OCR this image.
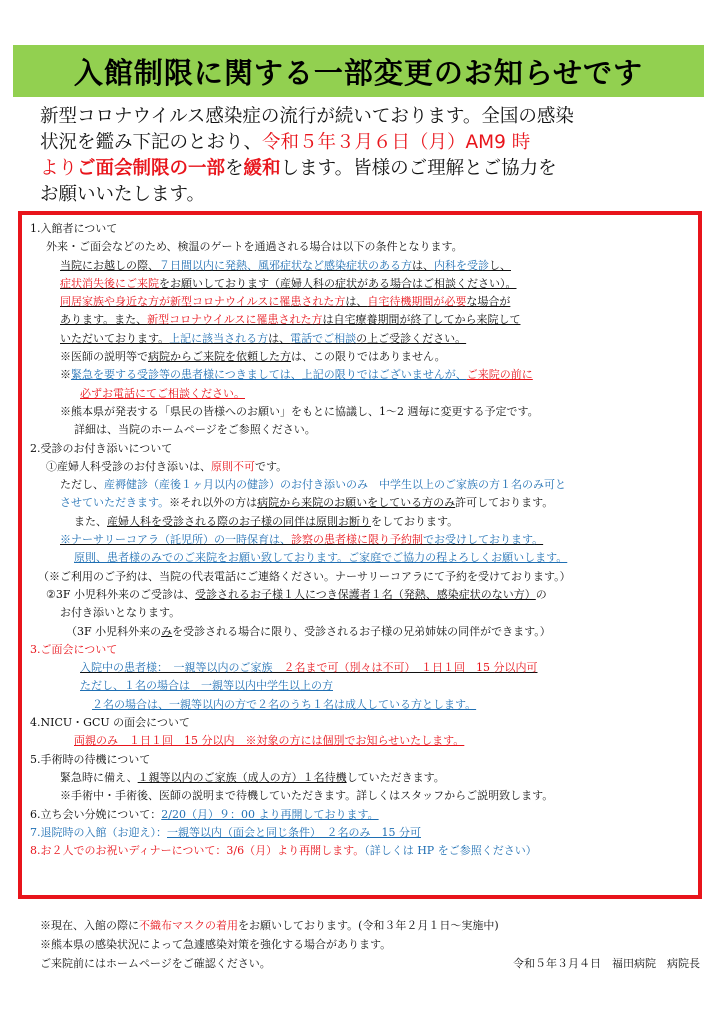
入館制限に関する一部変更のお知らせです
新型コロナウイルス感染症の流行が続いております。全国の感染
状況を鑑み下記のとおり、令和５年３月６日（月）AM9 時
よりご面会制限の一部を緩和します。皆様のご理解とご協力を
お願いいたします。
1.入館者について
外来・ご面会などのため、検温のゲートを通過される場合は以下の条件となります。
当院にお越しの際、７日間以内に発熱、風邪症状など感染症状のある方は、内科を受診し、
症状消失後にご来院をお願いしております（産婦人科の症状がある場合はご相談ください）。
同居家族や身近な方が新型コロナウイルスに罹患された方は、自宅待機期間が必要な場合が
あります。また、新型コロナウイルスに罹患された方は自宅療養期間が終了してから来院して
いただいております。上記に該当される方は、電話でご相談の上ご受診ください。
※医師の説明等で病院からご来院を依頼した方は、この限りではありません。
※緊急を要する受診等の患者様につきましては、上記の限りではございませんが、ご来院の前に
必ずお電話にてご相談ください。
※熊本県が発表する「県民の皆様へのお願い」をもとに協議し、1～2 週毎に変更する予定です。
詳細は、当院のホームページをご参照ください。
2.受診のお付き添いについて
①産婦人科受診のお付き添いは、原則不可です。
ただし、産褥健診（産後１ヶ月以内の健診）のお付き添いのみ　中学生以上のご家族の方１名のみ可と
させていただきます。※それ以外の方は病院から来院のお願いをしている方のみ許可しております。
また、産婦人科を受診される際のお子様の同伴は原則お断りをしております。
※ナーサリーコアラ（託児所）の一時保育は、診察の患者様に限り予約制でお受けしております。
原則、患者様のみでのご来院をお願い致しております。ご家庭でご協力の程よろしくお願いします。
（※ご利用のご予約は、当院の代表電話にご連絡ください。ナーサリーコアラにて予約を受けております。）
②3F 小児科外来のご受診は、受診されるお子様１人につき保護者１名（発熱、感染症状のない方）の
お付き添いとなります。
（3F 小児科外来のみを受診される場合に限り、受診されるお子様の兄弟姉妹の同伴ができます。）
3.ご面会について
入院中の患者様：　一親等以内のご家族　２名まで可（別々は不可）　１日１回　15 分以内可
ただし、１名の場合は　一親等以内中学生以上の方
２名の場合は、一親等以内の方で２名のうち１名は成人している方とします。
4.NICU・GCU の面会について
両親のみ　１日１回　15 分以内　※対象の方には個別でお知らせいたします。
5.手術時の待機について
緊急時に備え、１親等以内のご家族（成人の方）１名待機していただきます。
※手術中・手術後、医師の説明まで待機していただきます。詳しくはスタッフからご説明致します。
6.立ち会い分娩について：2/20（月）９：00 より再開しております。
7.退院時の入館（お迎え）：一親等以内（面会と同じ条件）　２名のみ　15 分可
8.お２人でのお祝いディナーについて：3/6（月）より再開します。（詳しくは HP をご参照ください）
※現在、入館の際に不織布マスクの着用をお願いしております。(令和３年２月１日～実施中)
※熊本県の感染状況によって急遽感染対策を強化する場合があります。
ご来院前にはホームページをご確認ください。	令和５年３月４日　福田病院　病院長
